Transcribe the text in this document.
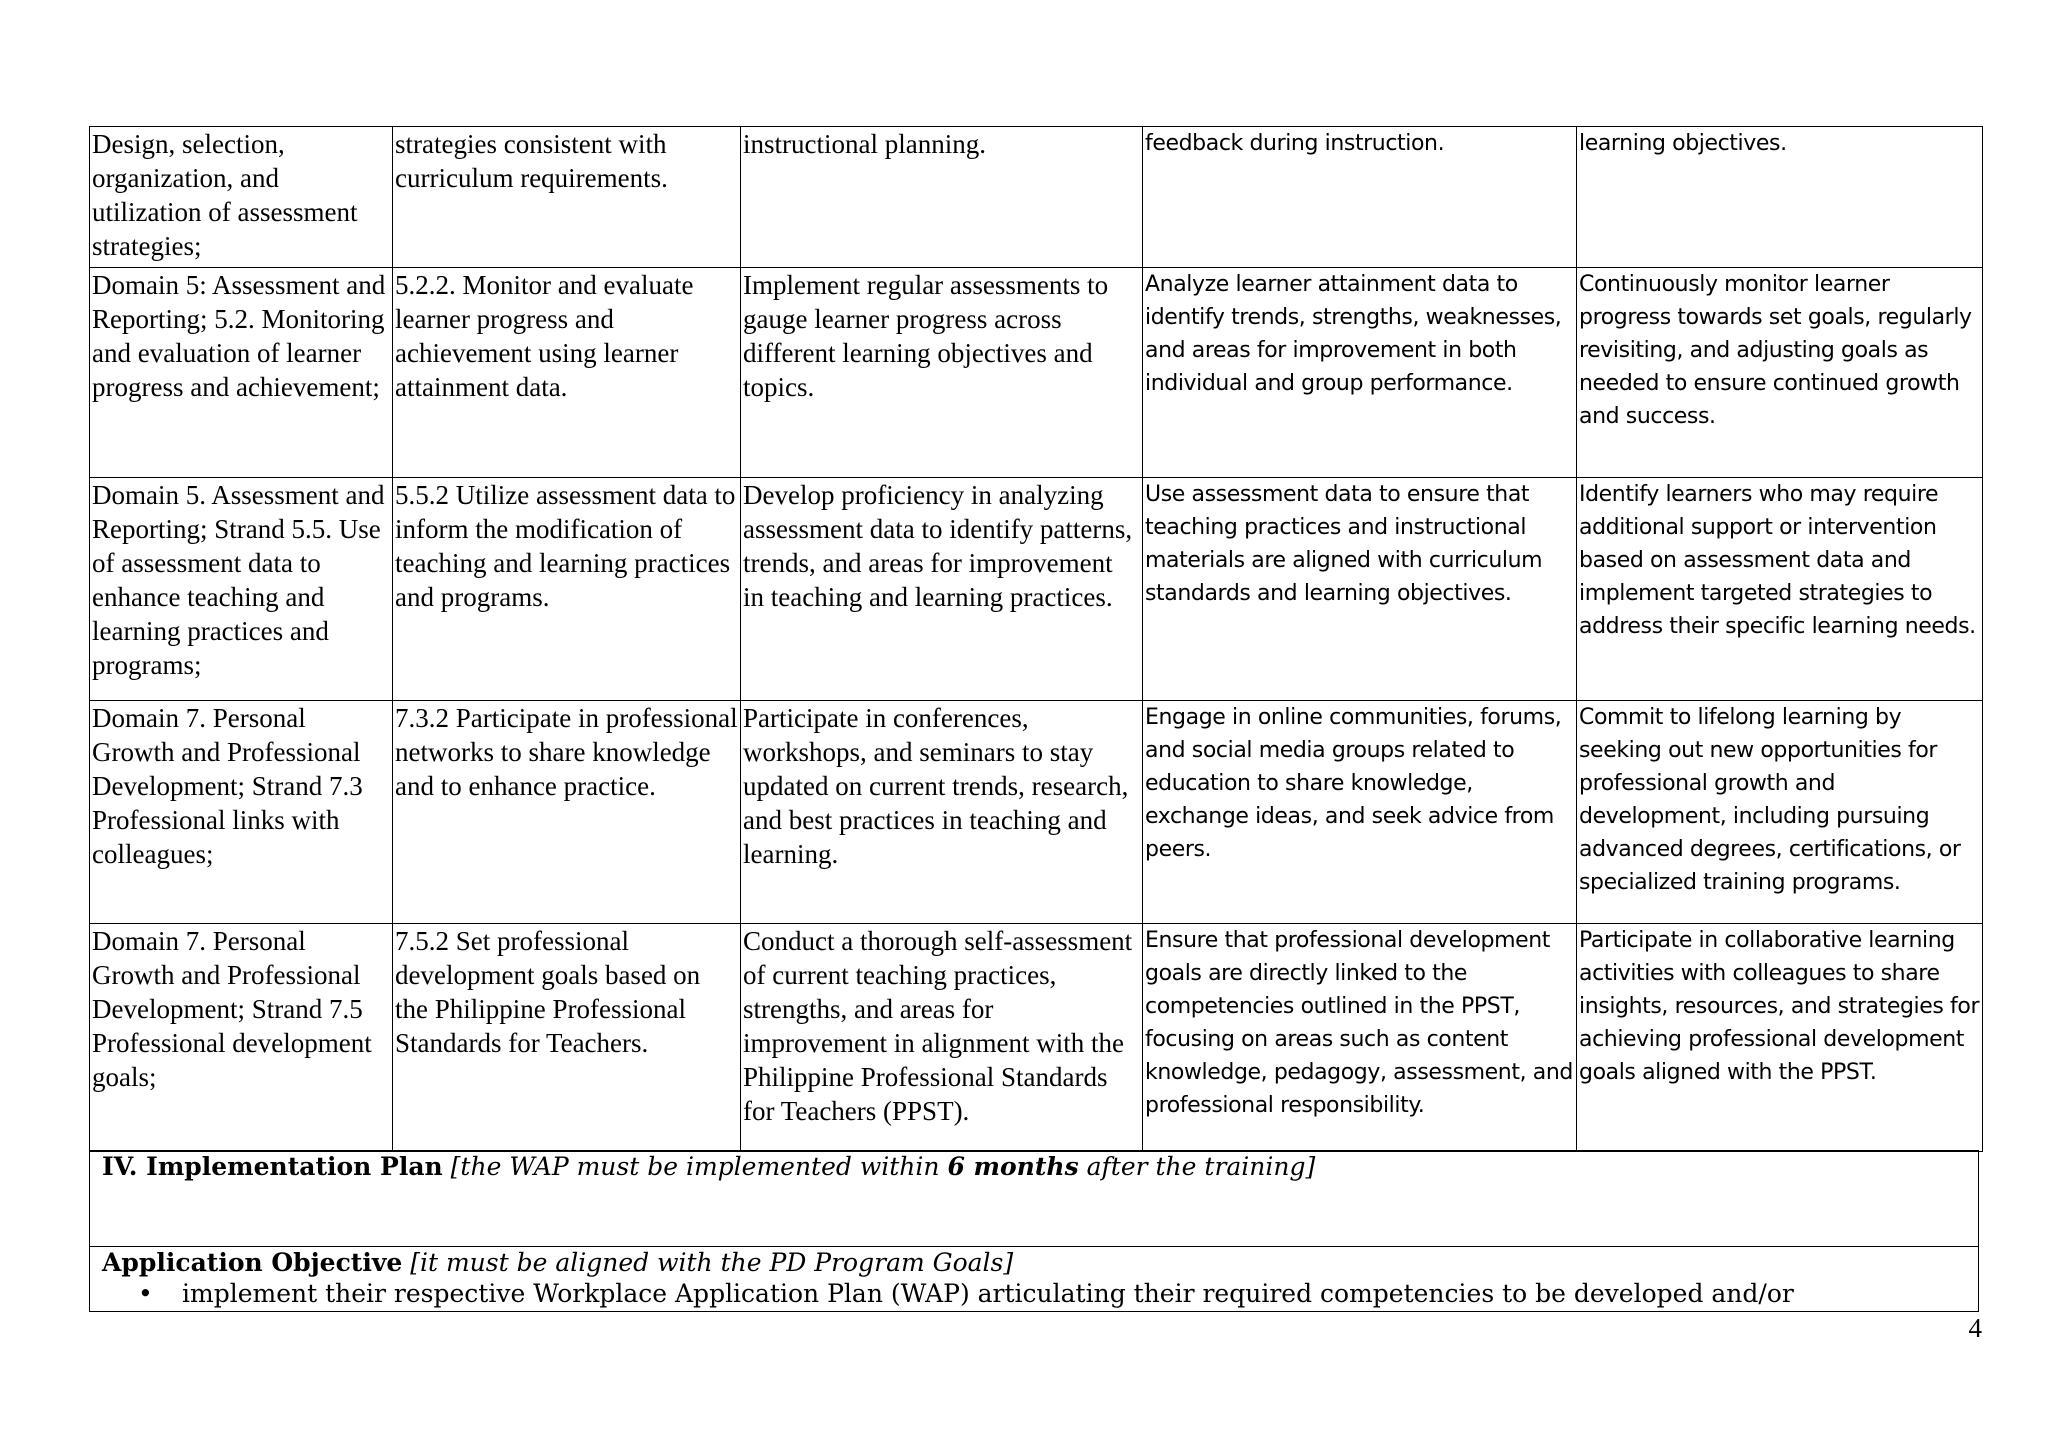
Design, selection, organization, and utilization of assessment strategies;	strategies consistent with curriculum requirements.	instructional planning.	feedback during instruction.	learning objectives.

Domain 5: Assessment and Reporting; 5.2. Monitoring and evaluation of learner progress and achievement;	5.2.2. Monitor and evaluate learner progress and achievement using learner attainment data.	Implement regular assessments to gauge learner progress across different learning objectives and topics.	Analyze learner attainment data to identify trends, strengths, weaknesses, and areas for improvement in both individual and group performance.	Continuously monitor learner progress towards set goals, regularly revisiting, and adjusting goals as needed to ensure continued growth and success.

Domain 5. Assessment and Reporting; Strand 5.5. Use of assessment data to enhance teaching and learning practices and programs;	5.5.2 Utilize assessment data to inform the modification of teaching and learning practices and programs.	Develop proficiency in analyzing assessment data to identify patterns, trends, and areas for improvement in teaching and learning practices.	Use assessment data to ensure that teaching practices and instructional materials are aligned with curriculum standards and learning objectives.	Identify learners who may require additional support or intervention based on assessment data and implement targeted strategies to address their specific learning needs.

Domain 7. Personal Growth and Professional Development; Strand 7.3 Professional links with colleagues;	7.3.2 Participate in professional networks to share knowledge and to enhance practice.	Participate in conferences, workshops, and seminars to stay updated on current trends, research, and best practices in teaching and learning.	Engage in online communities, forums, and social media groups related to education to share knowledge, exchange ideas, and seek advice from peers.	Commit to lifelong learning by seeking out new opportunities for professional growth and development, including pursuing advanced degrees, certifications, or specialized training programs.

Domain 7. Personal Growth and Professional Development; Strand 7.5 Professional development goals;	7.5.2 Set professional development goals based on the Philippine Professional Standards for Teachers.	Conduct a thorough self-assessment of current teaching practices, strengths, and areas for improvement in alignment with the Philippine Professional Standards for Teachers (PPST).	Ensure that professional development goals are directly linked to the competencies outlined in the PPST, focusing on areas such as content knowledge, pedagogy, assessment, and professional responsibility.	Participate in collaborative learning activities with colleagues to share insights, resources, and strategies for achieving professional development goals aligned with the PPST.
IV. Implementation Plan [the WAP must be implemented within 6 months after the training]
Application Objective [it must be aligned with the PD Program Goals]
• implement their respective Workplace Application Plan (WAP) articulating their required competencies to be developed and/or
4
